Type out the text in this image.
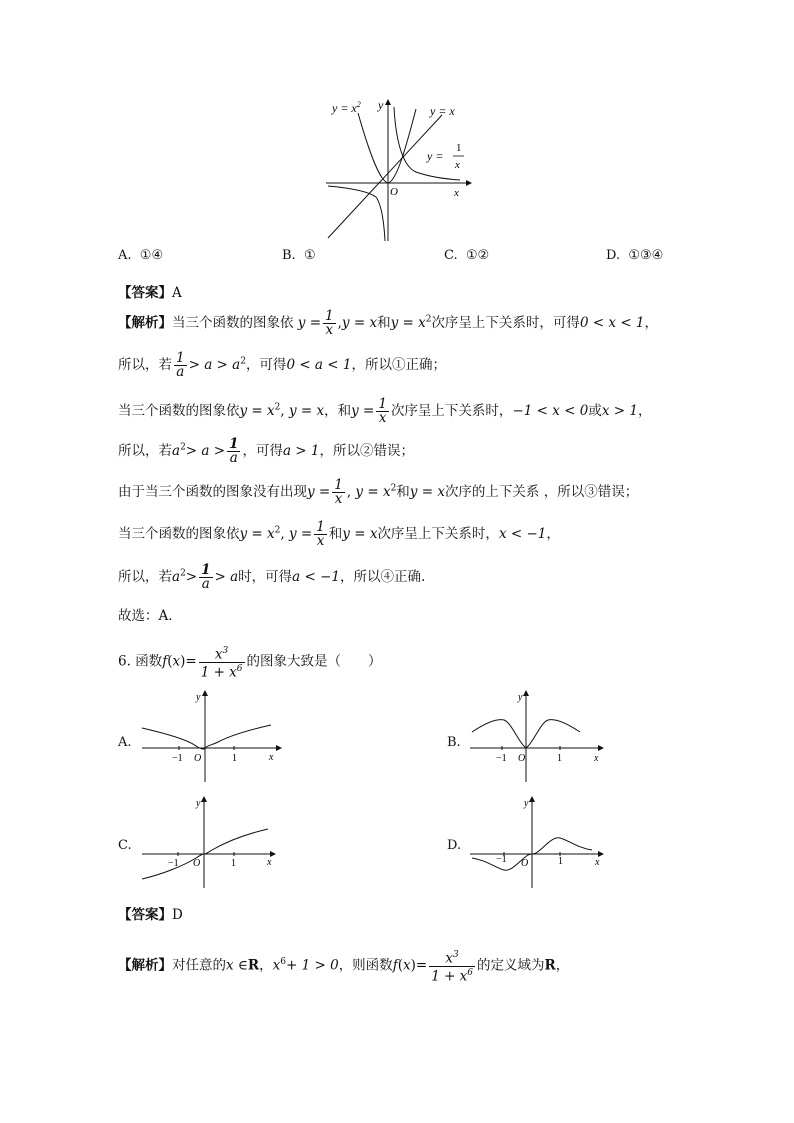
$y = x^2$ y	y = x
y =
1
x
O	x
A. ①④	B. ①	C. ①②	D. ①③④
【答案】A
【解析】当三个函数的图象依 $y = \frac{1}{x} ,y = x$和$y = x^2$次序呈上下关系时，可得0 < x < 1，
所以，若 $\frac{1}{a} > a > a^2$，可得0 < a < 1，所以①正确；
当三个函数的图象依$y = x^2$, y = x，和$y = \frac{1}{x}$ 次序呈上下关系时，−1 < x < 0或x > 1，
所以，若$a^2> a > \frac{1}{a}$ ，可得a > 1，所以②错误；
由于当三个函数的图象没有出现$y = \frac{1}{x}$ , $y = x^2$和y = x次序的上下关系 ，所以③错误；
当三个函数的图象依$y = x^2$, $y = \frac{1}{x}$ 和y = x次序呈上下关系时，x < −1，
所以，若$a^2> \frac{1}{a} > a$时，可得a < −1，所以④正确.
故选：A．
6. 函数$f(x)= \frac{x^3}{1 + x^6}$ 的图象大致是（　　）
A.
y
x
O
−1	1
B.
y
x
O
−1	1
C.
y
x
O
−1	1
D.
y
x
O
−1	1
【答案】D
【解析】对任意的x ∈R，$x^6+ 1 > 0$，则函数$f(x)= \frac{x^3}{1 + x^6}$ 的定义域为R，
